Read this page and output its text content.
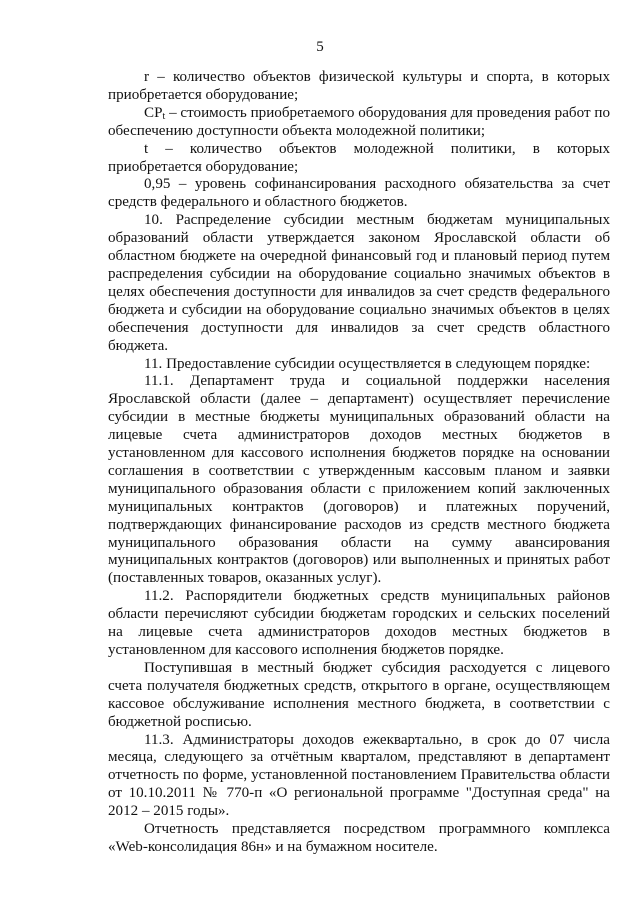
5

r – количество объектов физической культуры и спорта, в которых приобретается оборудование;

$CP_t$ – стоимость приобретаемого оборудования для проведения работ по обеспечению доступности объекта молодежной политики;

t – количество объектов молодежной политики, в которых приобретается оборудование;

0,95 – уровень софинансирования расходного обязательства за счет средств федерального и областного бюджетов.

10. Распределение субсидии местным бюджетам муниципальных образований области утверждается законом Ярославской области об областном бюджете на очередной финансовый год и плановый период путем распределения субсидии на оборудование социально значимых объектов в целях обеспечения доступности для инвалидов за счет средств федерального бюджета и субсидии на оборудование социально значимых объектов в целях обеспечения доступности для инвалидов за счет средств областного бюджета.

11. Предоставление субсидии осуществляется в следующем порядке:

11.1. Департамент труда и социальной поддержки населения Ярославской области (далее – департамент) осуществляет перечисление субсидии в местные бюджеты муниципальных образований области на лицевые счета администраторов доходов местных бюджетов в установленном для кассового исполнения бюджетов порядке на основании соглашения в соответствии с утвержденным кассовым планом и заявки муниципального образования области с приложением копий заключенных муниципальных контрактов (договоров) и платежных поручений, подтверждающих финансирование расходов из средств местного бюджета муниципального образования области на сумму авансирования муниципальных контрактов (договоров) или выполненных и принятых работ (поставленных товаров, оказанных услуг).

11.2. Распорядители бюджетных средств муниципальных районов области перечисляют субсидии бюджетам городских и сельских поселений на лицевые счета администраторов доходов местных бюджетов в установленном для кассового исполнения бюджетов порядке.

Поступившая в местный бюджет субсидия расходуется с лицевого счета получателя бюджетных средств, открытого в органе, осуществляющем кассовое обслуживание исполнения местного бюджета, в соответствии с бюджетной росписью.

11.3. Администраторы доходов ежеквартально, в срок до 07 числа месяца, следующего за отчётным кварталом, представляют в департамент отчетность по форме, установленной постановлением Правительства области от 10.10.2011 № 770-п «О региональной программе "Доступная среда" на 2012 – 2015 годы».

Отчетность представляется посредством программного комплекса «Web-консолидация 86н» и на бумажном носителе.
